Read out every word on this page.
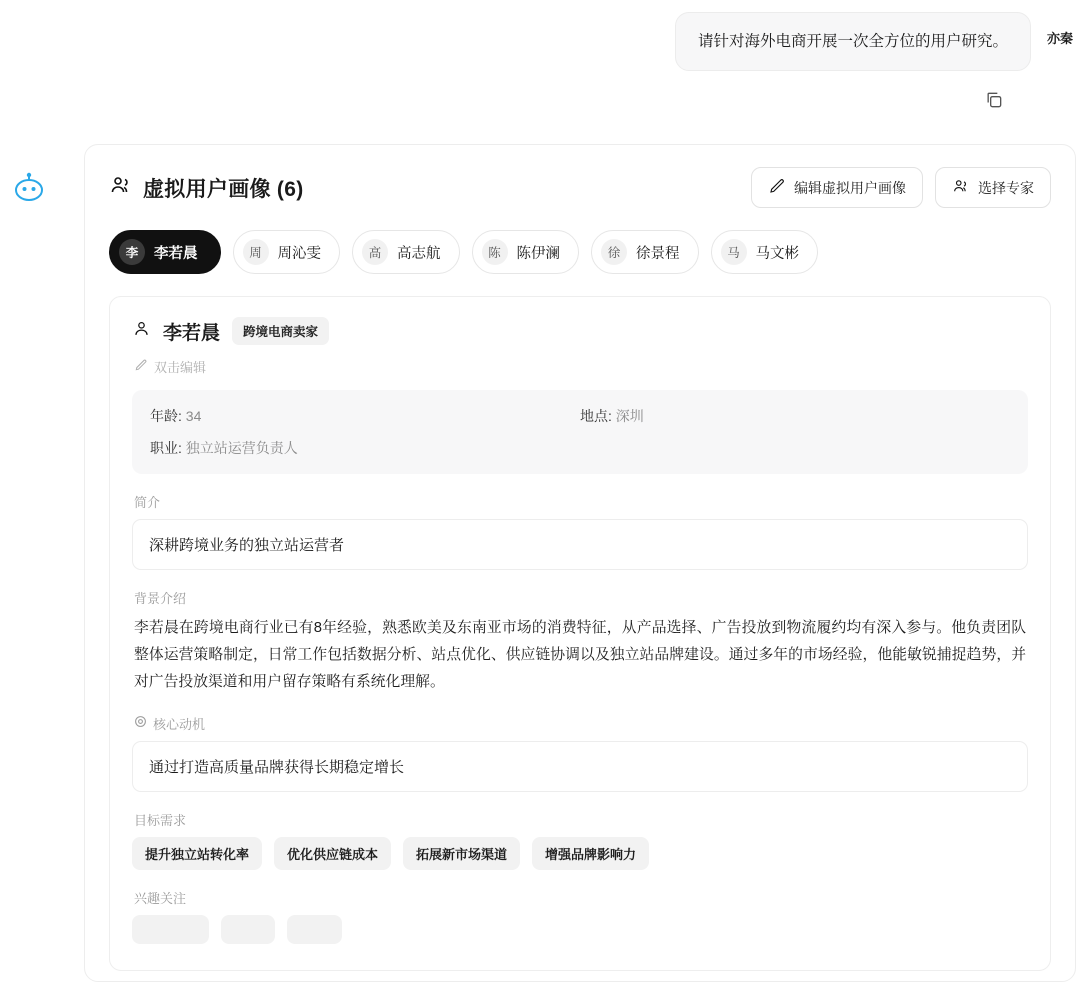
请针对海外电商开展一次全方位的用户研究。	亦秦
虚拟用户画像 (6)	编辑虚拟用户画像	选择专家
李	李若晨	周	周沁雯	高	高志航	陈	陈伊澜	徐	徐景程	马	马文彬
李若晨	跨境电商卖家
双击编辑
年龄: 34	地点: 深圳
职业: 独立站运营负责人
简介
深耕跨境业务的独立站运营者
背景介绍
李若晨在跨境电商行业已有8年经验，熟悉欧美及东南亚市场的消费特征，从产品选择、广告投放到物流履约均有深入参与。他负责团队整体运营策略制定，日常工作包括数据分析、站点优化、供应链协调以及独立站品牌建设。通过多年的市场经验，他能敏锐捕捉趋势，并对广告投放渠道和用户留存策略有系统化理解。
核心动机
通过打造高质量品牌获得长期稳定增长
目标需求
提升独立站转化率	优化供应链成本	拓展新市场渠道	增强品牌影响力
兴趣关注
